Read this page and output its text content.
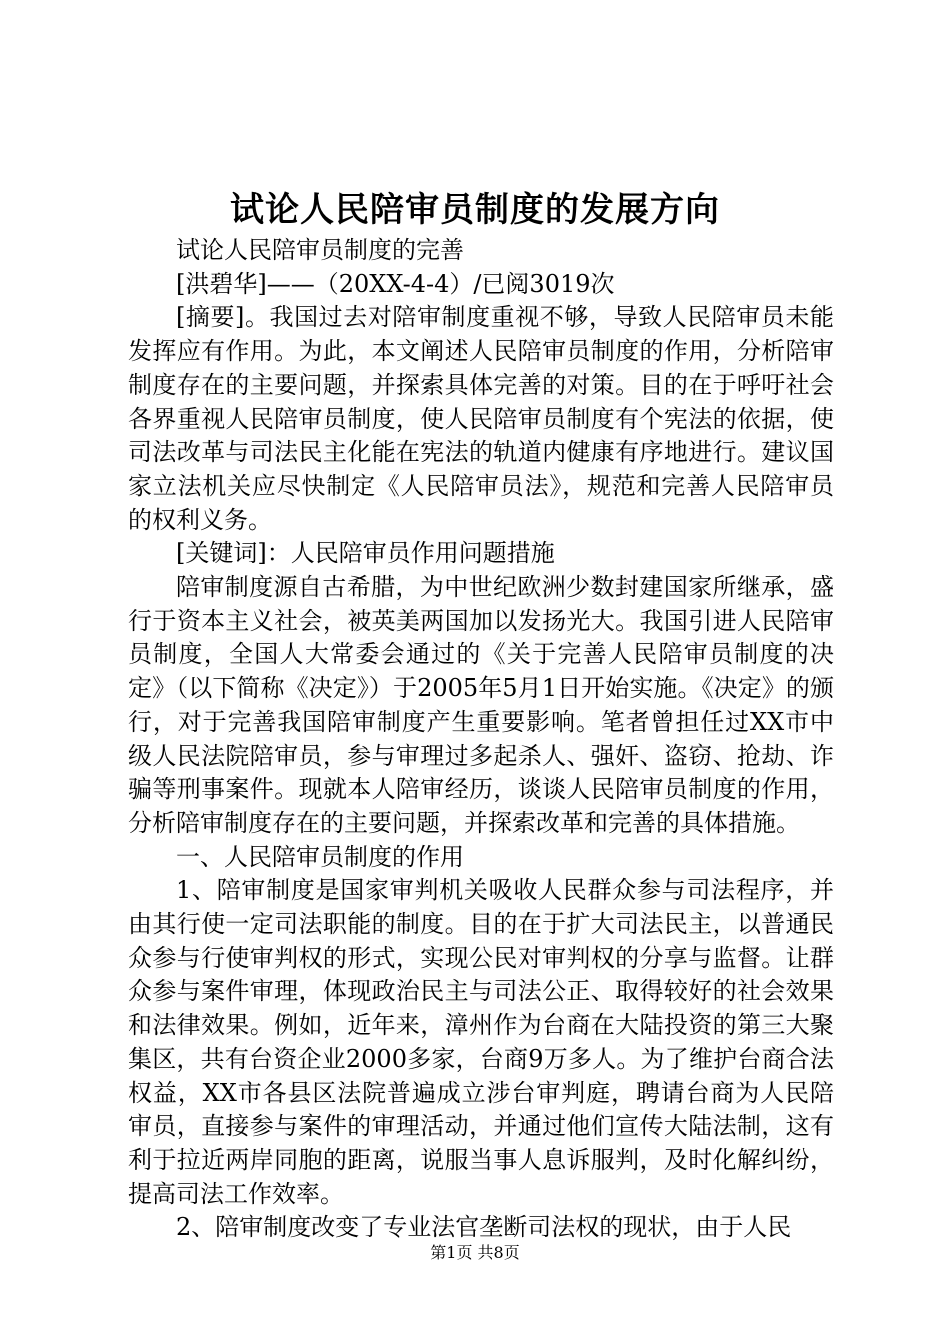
试论人民陪审员制度的发展方向

试论人民陪审员制度的完善

[洪碧华]——（20XX-4-4）/已阅3019次

[摘要]。我国过去对陪审制度重视不够，导致人民陪审员未能发挥应有作用。为此，本文阐述人民陪审员制度的作用，分析陪审制度存在的主要问题，并探索具体完善的对策。目的在于呼吁社会各界重视人民陪审员制度，使人民陪审员制度有个宪法的依据，使司法改革与司法民主化能在宪法的轨道内健康有序地进行。建议国家立法机关应尽快制定《人民陪审员法》，规范和完善人民陪审员的权利义务。

[关键词]：人民陪审员作用问题措施

陪审制度源自古希腊，为中世纪欧洲少数封建国家所继承，盛行于资本主义社会，被英美两国加以发扬光大。我国引进人民陪审员制度，全国人大常委会通过的《关于完善人民陪审员制度的决定》（以下简称《决定》）于2005年5月1日开始实施。《决定》的颁行，对于完善我国陪审制度产生重要影响。笔者曾担任过XX市中级人民法院陪审员，参与审理过多起杀人、强奸、盗窃、抢劫、诈骗等刑事案件。现就本人陪审经历，谈谈人民陪审员制度的作用，分析陪审制度存在的主要问题，并探索改革和完善的具体措施。

一、人民陪审员制度的作用

1、陪审制度是国家审判机关吸收人民群众参与司法程序，并由其行使一定司法职能的制度。目的在于扩大司法民主，以普通民众参与行使审判权的形式，实现公民对审判权的分享与监督。让群众参与案件审理，体现政治民主与司法公正、取得较好的社会效果和法律效果。例如，近年来，漳州作为台商在大陆投资的第三大聚集区，共有台资企业2000多家，台商9万多人。为了维护台商合法权益，XX市各县区法院普遍成立涉台审判庭，聘请台商为人民陪审员，直接参与案件的审理活动，并通过他们宣传大陆法制，这有利于拉近两岸同胞的距离，说服当事人息诉服判，及时化解纠纷，提高司法工作效率。

2、陪审制度改变了专业法官垄断司法权的现状，由于人民

第1页 共8页
